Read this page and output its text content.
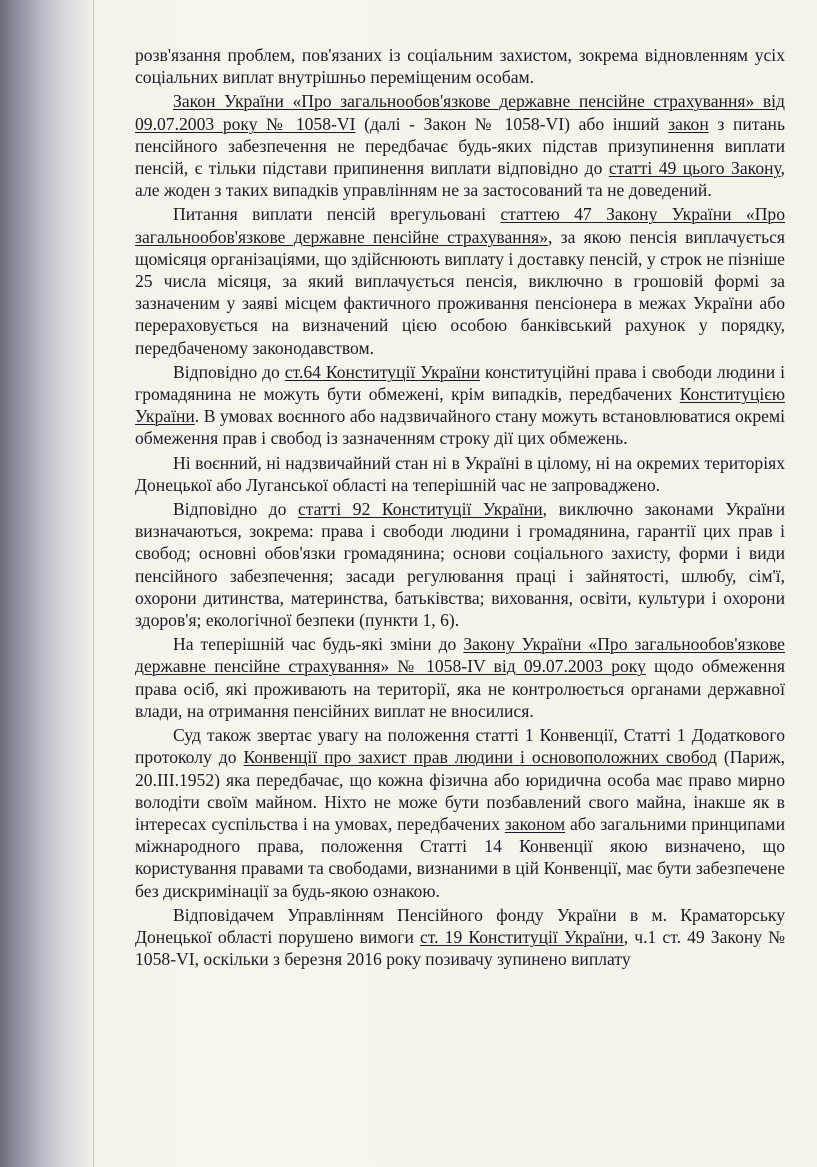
розв'язання проблем, пов'язаних із соціальним захистом, зокрема відновленням усіх соціальних виплат внутрішньо переміщеним особам.

Закон України «Про загальнообов'язкове державне пенсійне страхування» від 09.07.2003 року № 1058-VI (далі - Закон № 1058-VI) або інший закон з питань пенсійного забезпечення не передбачає будь-яких підстав призупинення виплати пенсій, є тільки підстави припинення виплати відповідно до статті 49 цього Закону, але жоден з таких випадків управлінням не за застосований та не доведений.

Питання виплати пенсій врегульовані статтею 47 Закону України «Про загальнообов'язкове державне пенсійне страхування», за якою пенсія виплачується щомісяця організаціями, що здійснюють виплату і доставку пенсій, у строк не пізніше 25 числа місяця, за який виплачується пенсія, виключно в грошовій формі за зазначеним у заяві місцем фактичного проживання пенсіонера в межах України або перераховується на визначений цією особою банківський рахунок у порядку, передбаченому законодавством.

Відповідно до ст.64 Конституції України конституційні права і свободи людини і громадянина не можуть бути обмежені, крім випадків, передбачених Конституцією України. В умовах воєнного або надзвичайного стану можуть встановлюватися окремі обмеження прав і свобод із зазначенням строку дії цих обмежень.

Ні воєнний, ні надзвичайний стан ні в Україні в цілому, ні на окремих територіях Донецької або Луганської області на теперішній час не запроваджено.

Відповідно до статті 92 Конституції України, виключно законами України визначаються, зокрема: права і свободи людини і громадянина, гарантії цих прав і свобод; основні обов'язки громадянина; основи соціального захисту, форми і види пенсійного забезпечення; засади регулювання праці і зайнятості, шлюбу, сім'ї, охорони дитинства, материнства, батьківства; виховання, освіти, культури і охорони здоров'я; екологічної безпеки (пункти 1, 6).

На теперішній час будь-які зміни до Закону України «Про загальнообов'язкове державне пенсійне страхування» № 1058-IV від 09.07.2003 року щодо обмеження права осіб, які проживають на території, яка не контролюється органами державної влади, на отримання пенсійних виплат не вносилися.

Суд також звертає увагу на положення статті 1 Конвенції, Статті 1 Додаткового протоколу до Конвенції про захист прав людини і основоположних свобод (Париж, 20.III.1952) яка передбачає, що кожна фізична або юридична особа має право мирно володіти своїм майном. Ніхто не може бути позбавлений свого майна, інакше як в інтересах суспільства і на умовах, передбачених законом або загальними принципами міжнародного права, положення Статті 14 Конвенції якою визначено, що користування правами та свободами, визнаними в цій Конвенції, має бути забезпечене без дискримінації за будь-якою ознакою.

Відповідачем Управлінням Пенсійного фонду України в м. Краматорську Донецької області порушено вимоги ст. 19 Конституції України, ч.1 ст. 49 Закону № 1058-VI, оскільки з березня 2016 року позивачу зупинено виплату
